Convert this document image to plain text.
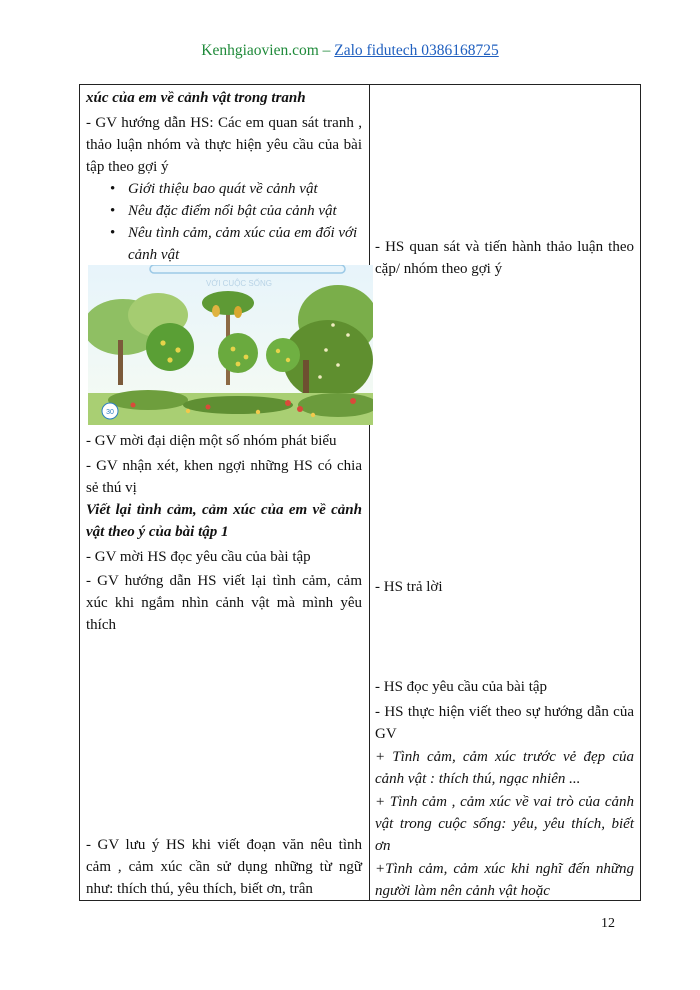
Kenhgiaovien.com – Zalo fidutech 0386168725

xúc của em về cảnh vật trong tranh

- GV hướng dẫn HS: Các em quan sát tranh , thảo luận nhóm và thực hiện yêu cầu của bài tập theo gợi ý

• Giới thiệu bao quát về cảnh vật
• Nêu đặc điểm nổi bật của cảnh vật
• Nêu tình cảm, cảm xúc của em đối với cảnh vật
VỚI CUỘC SỐNG
30

- GV mời đại diện một số nhóm phát biểu

- GV nhận xét, khen ngợi những HS có chia sẻ thú vị

Viết lại tình cảm, cảm xúc của em về cảnh vật theo ý của bài tập 1

- GV mời HS đọc yêu cầu của bài tập

- GV hướng dẫn HS viết lại tình cảm, cảm xúc khi ngắm nhìn cảnh vật mà mình yêu thích

- GV lưu ý HS khi viết đoạn văn nêu tình cảm , cảm xúc cần sử dụng những từ ngữ như: thích thú, yêu thích, biết ơn, trân

- HS quan sát và tiến hành thảo luận theo cặp/ nhóm theo gợi ý

- HS trả lời

- HS đọc yêu cầu của bài tập

- HS thực hiện viết theo sự hướng dẫn của GV

+ Tình cảm, cảm xúc trước vẻ đẹp của cảnh vật : thích thú, ngạc nhiên ...

+ Tình cảm , cảm xúc về vai trò của cảnh vật trong cuộc sống: yêu, yêu thích, biết ơn

+Tình cảm, cảm xúc khi nghĩ đến những người làm nên cảnh vật hoặc

12
